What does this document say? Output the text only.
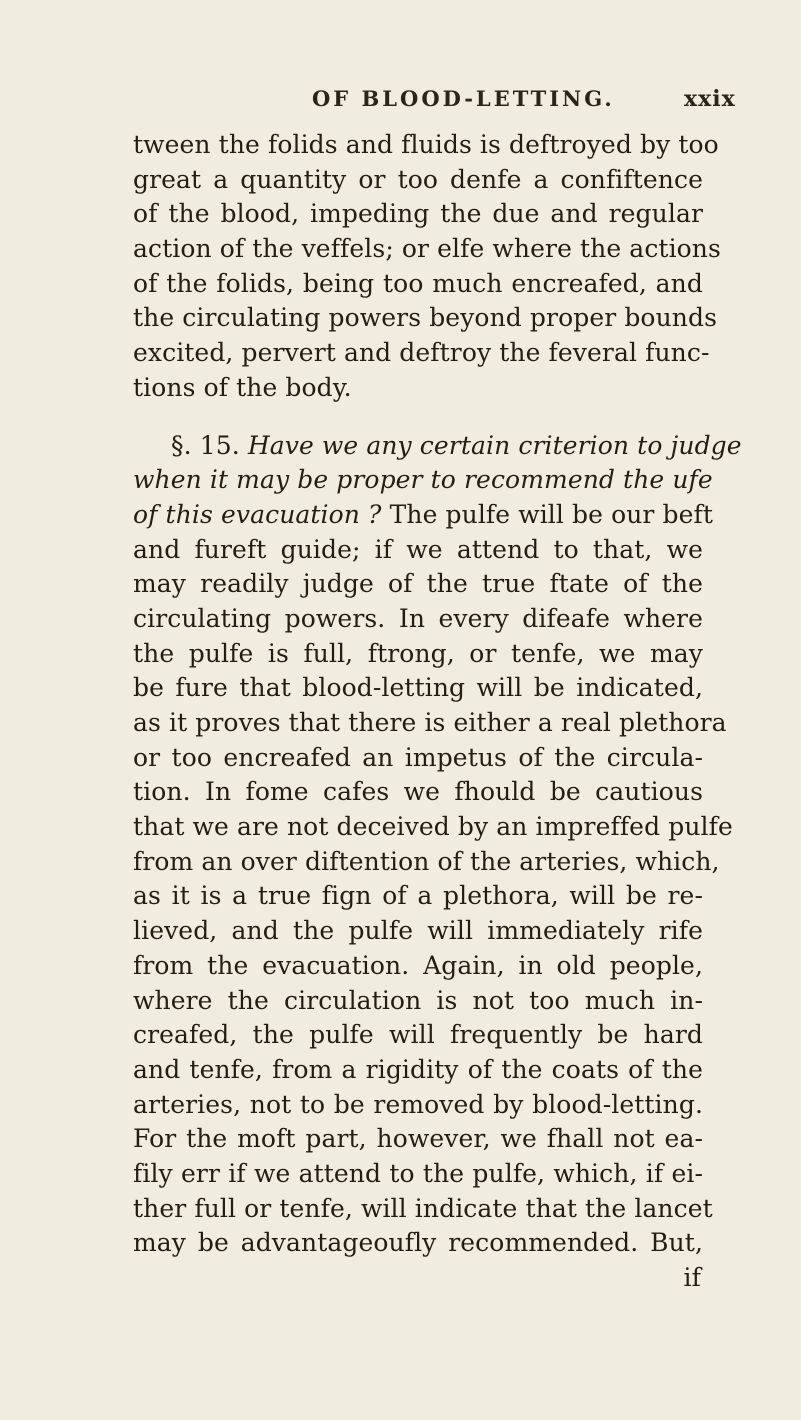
OF BLOOD-LETTING.	xxix
tween the folids and fluids is deftroyed by too
great a quantity or too denfe a confiftence
of the blood, impeding the due and regular
action of the veffels; or elfe where the actions
of the folids, being too much encreafed, and
the circulating powers beyond proper bounds
excited, pervert and deftroy the feveral func-
tions of the body.
§. 15. Have we any certain criterion to judge
when it may be proper to recommend the ufe
of this evacuation ? The pulfe will be our beft
and fureft guide; if we attend to that, we
may readily judge of the true ftate of the
circulating powers. In every difeafe where
the pulfe is full, ftrong, or tenfe, we may
be fure that blood-letting will be indicated,
as it proves that there is either a real plethora
or too encreafed an impetus of the circula-
tion. In fome cafes we fhould be cautious
that we are not deceived by an impreffed pulfe
from an over diftention of the arteries, which,
as it is a true fign of a plethora, will be re-
lieved, and the pulfe will immediately rife
from the evacuation. Again, in old people,
where the circulation is not too much in-
creafed, the pulfe will frequently be hard
and tenfe, from a rigidity of the coats of the
arteries, not to be removed by blood-letting.
For the moft part, however, we fhall not ea-
fily err if we attend to the pulfe, which, if ei-
ther full or tenfe, will indicate that the lancet
may be advantageoufly recommended. But,
if
